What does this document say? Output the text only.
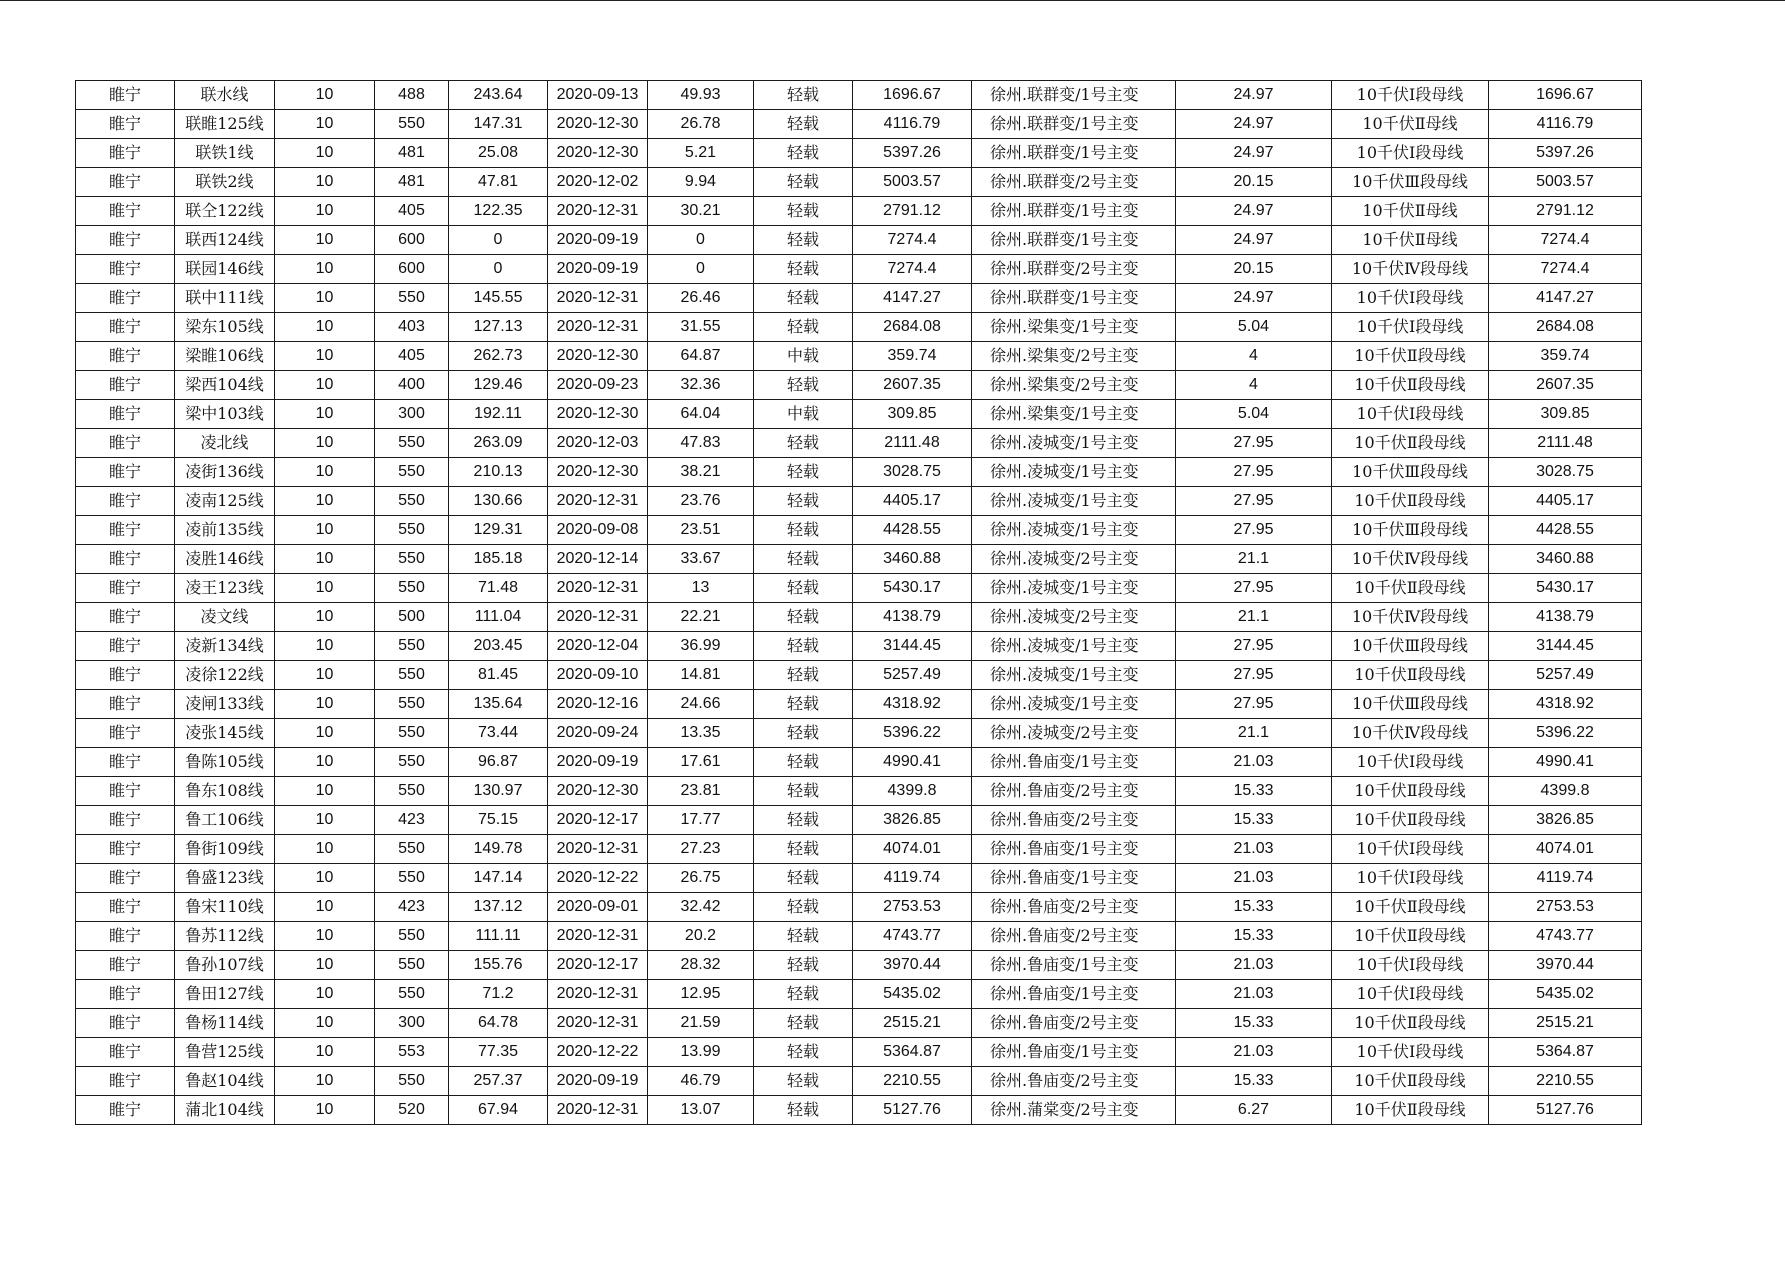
睢宁	联水线	10	488	243.64	2020-09-13	49.93	轻载	1696.67	徐州.联群变/1号主变	24.97	10千伏Ⅰ段母线	1696.67
睢宁	联睢125线	10	550	147.31	2020-12-30	26.78	轻载	4116.79	徐州.联群变/1号主变	24.97	10千伏Ⅱ母线	4116.79
睢宁	联铁1线	10	481	25.08	2020-12-30	5.21	轻载	5397.26	徐州.联群变/1号主变	24.97	10千伏Ⅰ段母线	5397.26
睢宁	联铁2线	10	481	47.81	2020-12-02	9.94	轻载	5003.57	徐州.联群变/2号主变	20.15	10千伏Ⅲ段母线	5003.57
睢宁	联仝122线	10	405	122.35	2020-12-31	30.21	轻载	2791.12	徐州.联群变/1号主变	24.97	10千伏Ⅱ母线	2791.12
睢宁	联西124线	10	600	0	2020-09-19	0	轻载	7274.4	徐州.联群变/1号主变	24.97	10千伏Ⅱ母线	7274.4
睢宁	联园146线	10	600	0	2020-09-19	0	轻载	7274.4	徐州.联群变/2号主变	20.15	10千伏Ⅳ段母线	7274.4
睢宁	联中111线	10	550	145.55	2020-12-31	26.46	轻载	4147.27	徐州.联群变/1号主变	24.97	10千伏Ⅰ段母线	4147.27
睢宁	梁东105线	10	403	127.13	2020-12-31	31.55	轻载	2684.08	徐州.梁集变/1号主变	5.04	10千伏Ⅰ段母线	2684.08
睢宁	梁睢106线	10	405	262.73	2020-12-30	64.87	中载	359.74	徐州.梁集变/2号主变	4	10千伏Ⅱ段母线	359.74
睢宁	梁西104线	10	400	129.46	2020-09-23	32.36	轻载	2607.35	徐州.梁集变/2号主变	4	10千伏Ⅱ段母线	2607.35
睢宁	梁中103线	10	300	192.11	2020-12-30	64.04	中载	309.85	徐州.梁集变/1号主变	5.04	10千伏Ⅰ段母线	309.85
睢宁	凌北线	10	550	263.09	2020-12-03	47.83	轻载	2111.48	徐州.凌城变/1号主变	27.95	10千伏Ⅱ段母线	2111.48
睢宁	凌街136线	10	550	210.13	2020-12-30	38.21	轻载	3028.75	徐州.凌城变/1号主变	27.95	10千伏Ⅲ段母线	3028.75
睢宁	凌南125线	10	550	130.66	2020-12-31	23.76	轻载	4405.17	徐州.凌城变/1号主变	27.95	10千伏Ⅱ段母线	4405.17
睢宁	凌前135线	10	550	129.31	2020-09-08	23.51	轻载	4428.55	徐州.凌城变/1号主变	27.95	10千伏Ⅲ段母线	4428.55
睢宁	凌胜146线	10	550	185.18	2020-12-14	33.67	轻载	3460.88	徐州.凌城变/2号主变	21.1	10千伏Ⅳ段母线	3460.88
睢宁	凌王123线	10	550	71.48	2020-12-31	13	轻载	5430.17	徐州.凌城变/1号主变	27.95	10千伏Ⅱ段母线	5430.17
睢宁	凌文线	10	500	111.04	2020-12-31	22.21	轻载	4138.79	徐州.凌城变/2号主变	21.1	10千伏Ⅳ段母线	4138.79
睢宁	凌新134线	10	550	203.45	2020-12-04	36.99	轻载	3144.45	徐州.凌城变/1号主变	27.95	10千伏Ⅲ段母线	3144.45
睢宁	凌徐122线	10	550	81.45	2020-09-10	14.81	轻载	5257.49	徐州.凌城变/1号主变	27.95	10千伏Ⅱ段母线	5257.49
睢宁	凌闸133线	10	550	135.64	2020-12-16	24.66	轻载	4318.92	徐州.凌城变/1号主变	27.95	10千伏Ⅲ段母线	4318.92
睢宁	凌张145线	10	550	73.44	2020-09-24	13.35	轻载	5396.22	徐州.凌城变/2号主变	21.1	10千伏Ⅳ段母线	5396.22
睢宁	鲁陈105线	10	550	96.87	2020-09-19	17.61	轻载	4990.41	徐州.鲁庙变/1号主变	21.03	10千伏Ⅰ段母线	4990.41
睢宁	鲁东108线	10	550	130.97	2020-12-30	23.81	轻载	4399.8	徐州.鲁庙变/2号主变	15.33	10千伏Ⅱ段母线	4399.8
睢宁	鲁工106线	10	423	75.15	2020-12-17	17.77	轻载	3826.85	徐州.鲁庙变/2号主变	15.33	10千伏Ⅱ段母线	3826.85
睢宁	鲁街109线	10	550	149.78	2020-12-31	27.23	轻载	4074.01	徐州.鲁庙变/1号主变	21.03	10千伏Ⅰ段母线	4074.01
睢宁	鲁盛123线	10	550	147.14	2020-12-22	26.75	轻载	4119.74	徐州.鲁庙变/1号主变	21.03	10千伏Ⅰ段母线	4119.74
睢宁	鲁宋110线	10	423	137.12	2020-09-01	32.42	轻载	2753.53	徐州.鲁庙变/2号主变	15.33	10千伏Ⅱ段母线	2753.53
睢宁	鲁苏112线	10	550	111.11	2020-12-31	20.2	轻载	4743.77	徐州.鲁庙变/2号主变	15.33	10千伏Ⅱ段母线	4743.77
睢宁	鲁孙107线	10	550	155.76	2020-12-17	28.32	轻载	3970.44	徐州.鲁庙变/1号主变	21.03	10千伏Ⅰ段母线	3970.44
睢宁	鲁田127线	10	550	71.2	2020-12-31	12.95	轻载	5435.02	徐州.鲁庙变/1号主变	21.03	10千伏Ⅰ段母线	5435.02
睢宁	鲁杨114线	10	300	64.78	2020-12-31	21.59	轻载	2515.21	徐州.鲁庙变/2号主变	15.33	10千伏Ⅱ段母线	2515.21
睢宁	鲁营125线	10	553	77.35	2020-12-22	13.99	轻载	5364.87	徐州.鲁庙变/1号主变	21.03	10千伏Ⅰ段母线	5364.87
睢宁	鲁赵104线	10	550	257.37	2020-09-19	46.79	轻载	2210.55	徐州.鲁庙变/2号主变	15.33	10千伏Ⅱ段母线	2210.55
睢宁	蒲北104线	10	520	67.94	2020-12-31	13.07	轻载	5127.76	徐州.蒲棠变/2号主变	6.27	10千伏Ⅱ段母线	5127.76
